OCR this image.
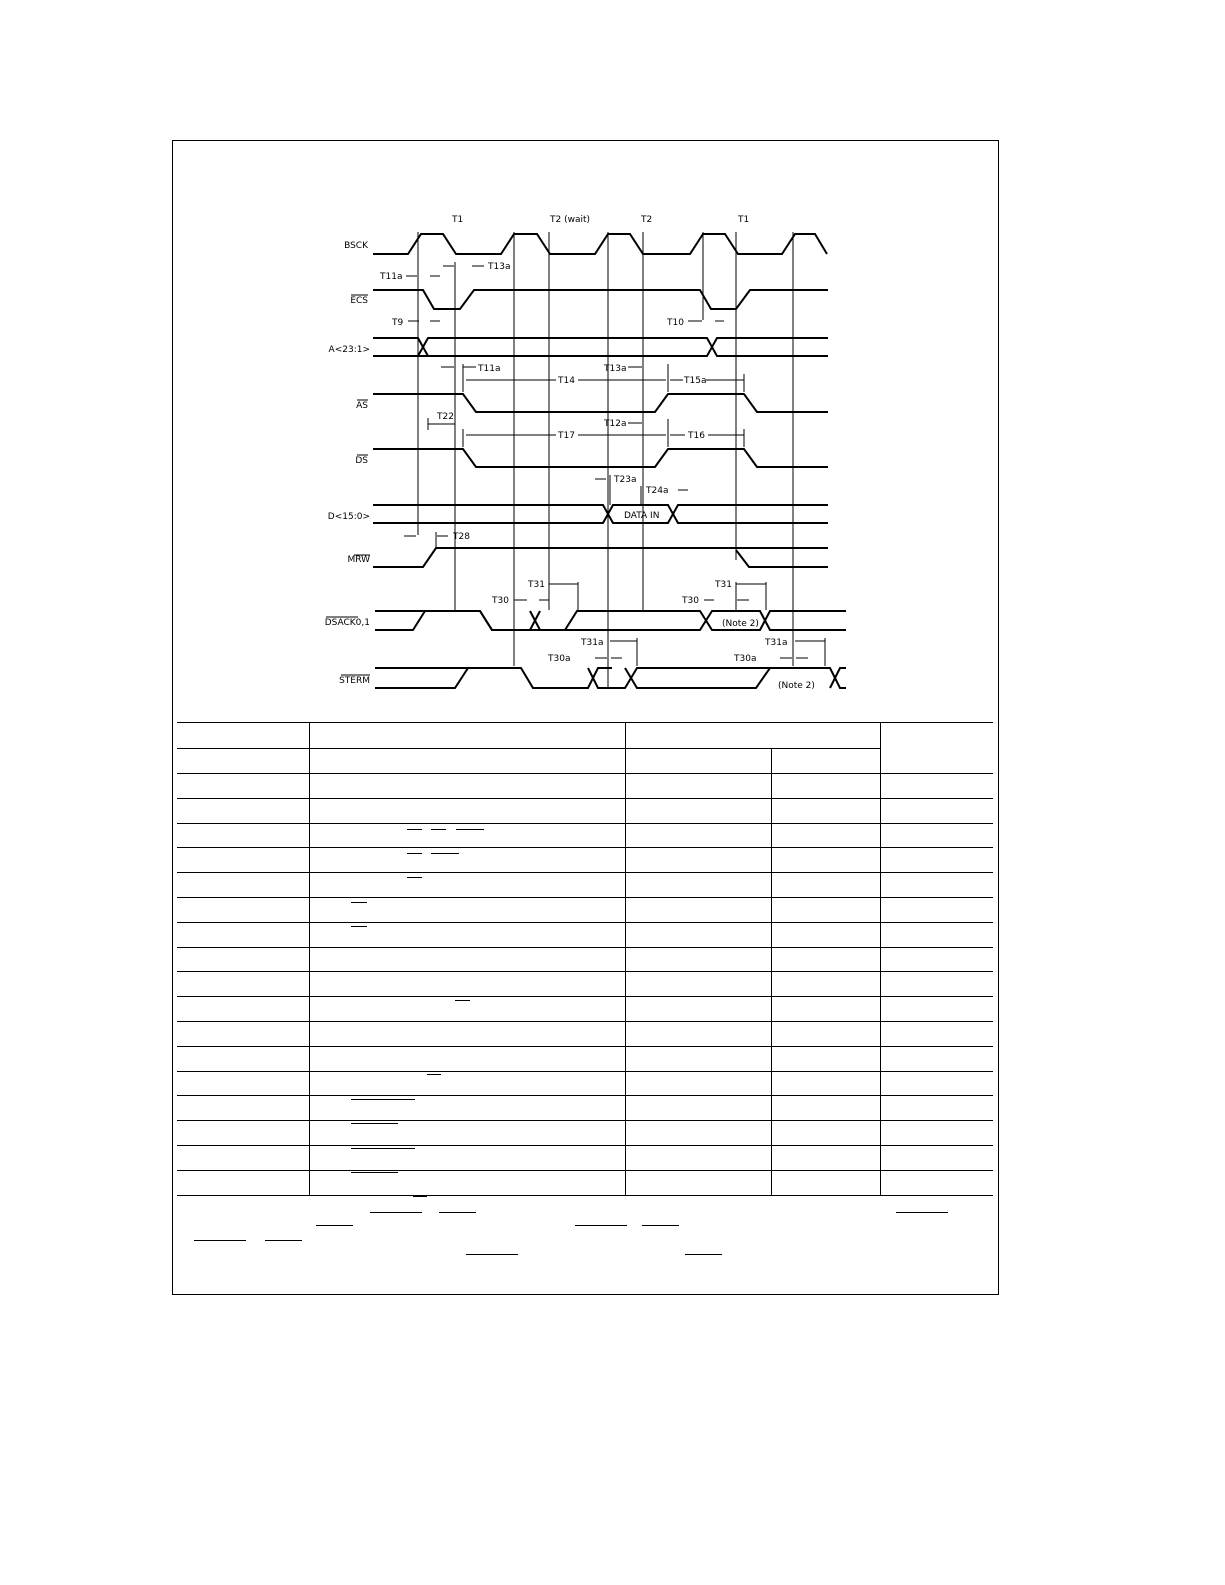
T1	T2 (wait)	T2	T1
BSCK
ECS
A<23:1>
AS
DS
D<15:0>
MRW
DSACK0,1
STERM
DATA IN
T11a
T13a
T9	T10
T11a	T13a
T14	T15a
T22
T12a
T17	T16
T23a
T24a
T28
T31
T30
T31
T30
(Note 2)
T31a
T30a
T31a
T30a
(Note 2)
